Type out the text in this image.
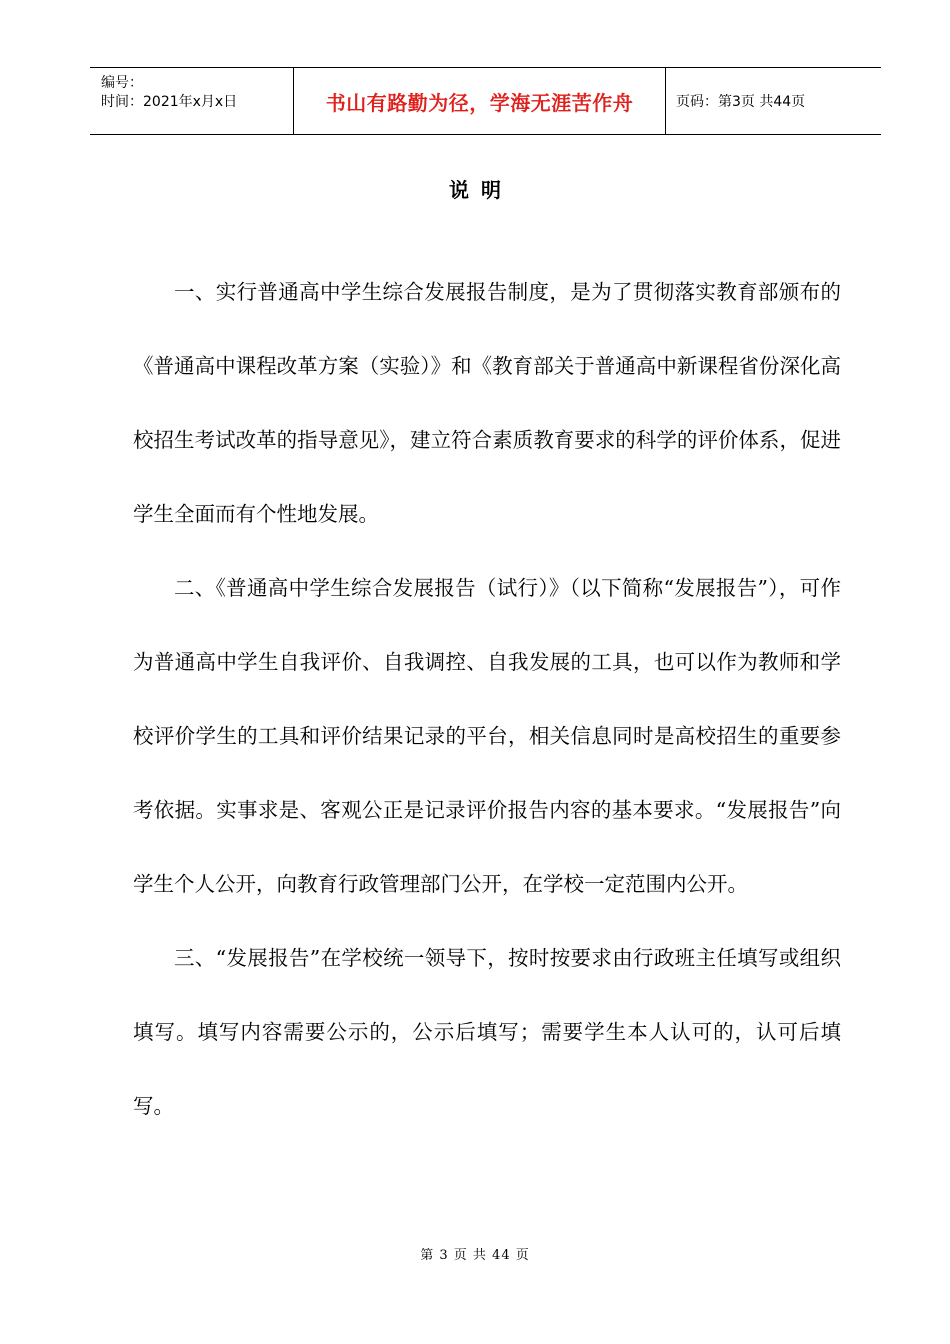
编号：
时间：2021年x月x日	书山有路勤为径，学海无涯苦作舟	页码：第3页 共44页
说明

一、实行普通高中学生综合发展报告制度，是为了贯彻落实教育部颁布的《普通高中课程改革方案（实验）》和《教育部关于普通高中新课程省份深化高校招生考试改革的指导意见》，建立符合素质教育要求的科学的评价体系，促进学生全面而有个性地发展。

二、《普通高中学生综合发展报告（试行）》（以下简称“发展报告”），可作为普通高中学生自我评价、自我调控、自我发展的工具，也可以作为教师和学校评价学生的工具和评价结果记录的平台，相关信息同时是高校招生的重要参考依据。实事求是、客观公正是记录评价报告内容的基本要求。“发展报告”向学生个人公开，向教育行政管理部门公开，在学校一定范围内公开。

三、“发展报告”在学校统一领导下，按时按要求由行政班主任填写或组织填写。填写内容需要公示的，公示后填写；需要学生本人认可的，认可后填写。

第 3 页 共 44 页
